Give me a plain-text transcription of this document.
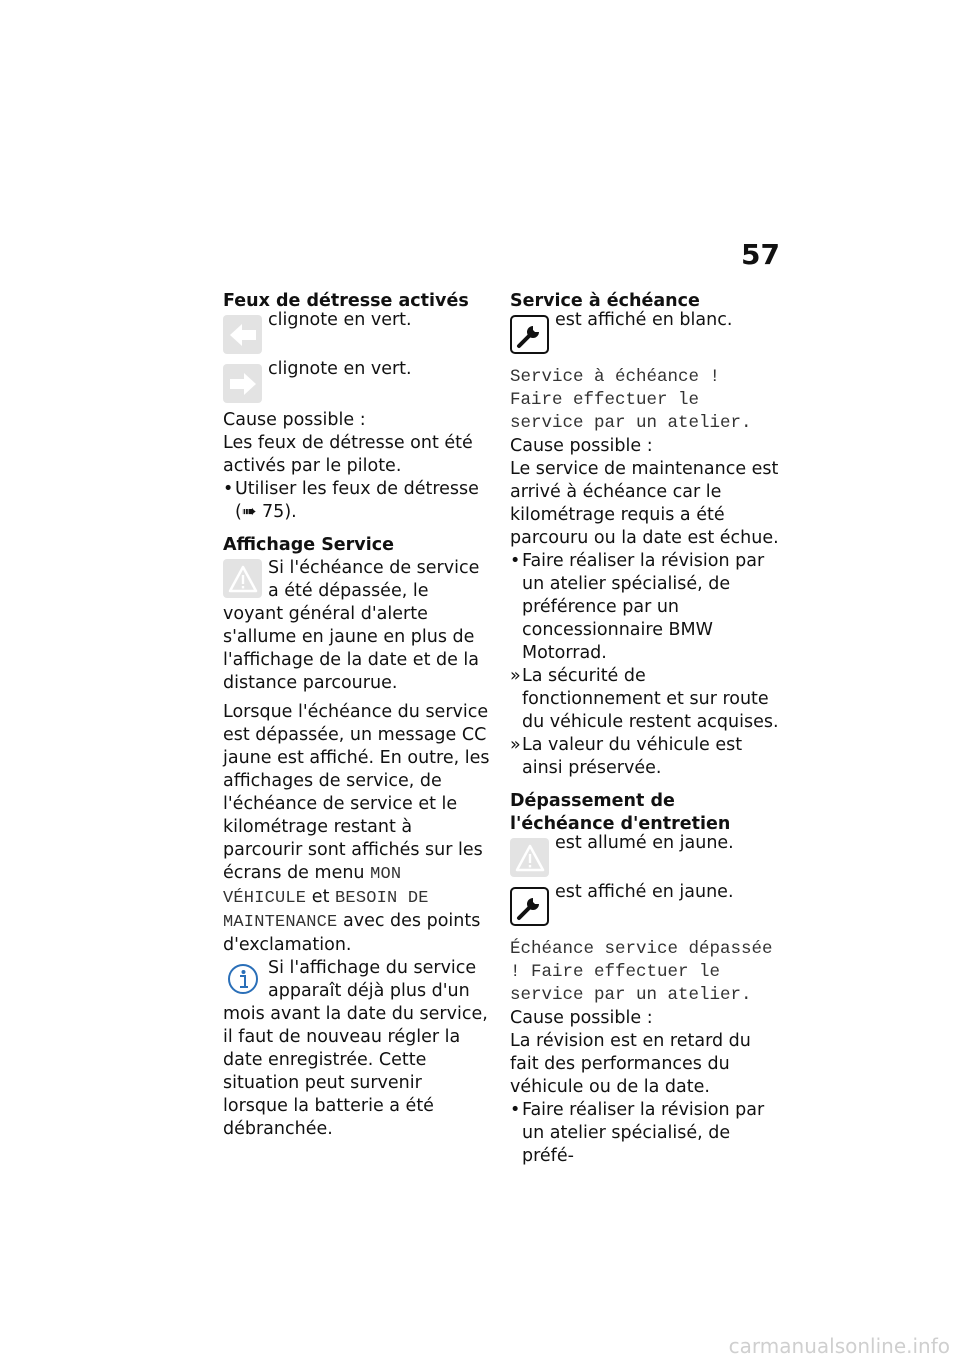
57

Feux de détresse activés

clignote en vert.

clignote en vert.

Cause possible :

Les feux de détresse ont été activés par le pilote.

• Utiliser les feux de détresse (➠ 75).

Affichage Service

Si l'échéance de service a été dépassée, le voyant général d'alerte s'allume en jaune en plus de l'affichage de la date et de la distance parcourue.

Lorsque l'échéance du service est dépassée, un message CC jaune est affiché. En outre, les affichages de service, de l'échéance de service et le kilométrage restant à parcourir sont affichés sur les écrans de menu MON VÉHICULE et BESOIN DE MAINTENANCE avec des points d'exclamation.

Si l'affichage du service apparaît déjà plus d'un mois avant la date du service, il faut de nouveau régler la date enregistrée. Cette situation peut survenir lorsque la batterie a été débranchée.

Service à échéance

est affiché en blanc.

Service à échéance ! Faire effectuer le service par un atelier.

Cause possible :

Le service de maintenance est arrivé à échéance car le kilométrage requis a été parcouru ou la date est échue.

• Faire réaliser la révision par un atelier spécialisé, de préférence par un concessionnaire BMW Motorrad.
» La sécurité de fonctionnement et sur route du véhicule restent acquises.
» La valeur du véhicule est ainsi préservée.

Dépassement de l'échéance d'entretien

est allumé en jaune.

est affiché en jaune.

Échéance service dépassée ! Faire effectuer le service par un atelier.

Cause possible :

La révision est en retard du fait des performances du véhicule ou de la date.

• Faire réaliser la révision par un atelier spécialisé, de préfé-
carmanualsonline.info
